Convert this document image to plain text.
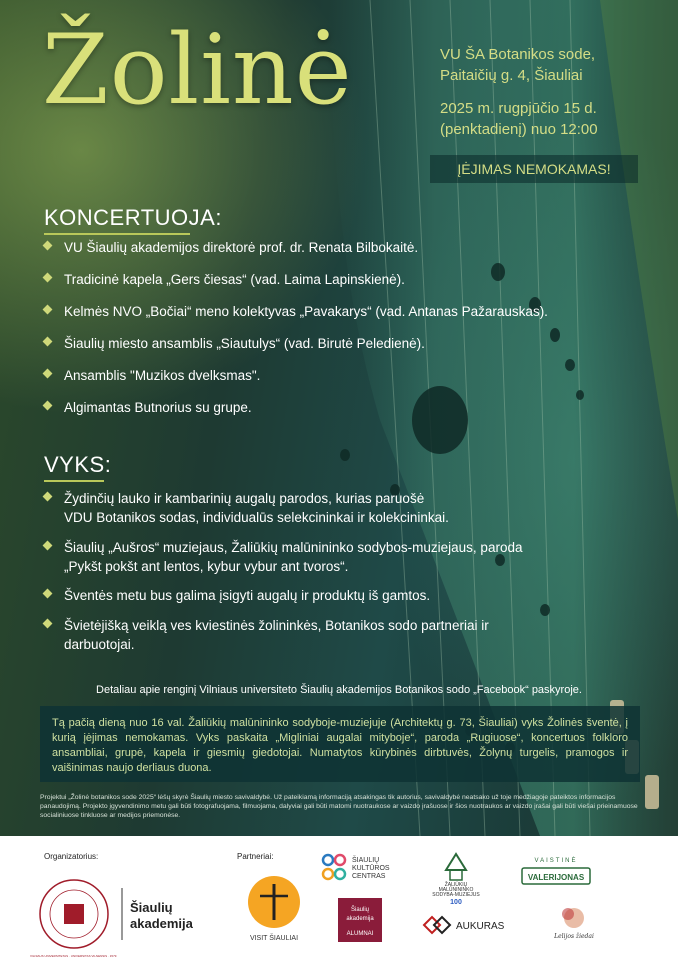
Žolinė	VU ŠA Botanikos sode,
Paitaičių g. 4, Šiauliai
2025 m. rugpjūčio 15 d.
(penktadienį) nuo 12:00
ĮĖJIMAS NEMOKAMAS!
KONCERTUOJA:
VU Šiaulių akademijos direktorė prof. dr. Renata Bilbokaitė.
Tradicinė kapela „Gers čiesas“ (vad. Laima Lapinskienė).
Kelmės NVO „Bočiai“ meno kolektyvas „Pavakarys“ (vad. Antanas Pažarauskas).
Šiaulių miesto ansamblis „Siautulys“ (vad. Birutė Peledienė).
Ansamblis "Muzikos dvelksmas".
Algimantas Butnorius su grupe.
VYKS:
Žydinčių lauko ir kambarinių augalų parodos, kurias paruošė
VDU Botanikos sodas, individualūs selekcininkai ir kolekcininkai.
Šiaulių „Aušros“ muziejaus, Žaliūkių malūnininko sodybos-muziejaus, paroda
„Pykšt pokšt ant lentos, kybur vybur ant tvoros“.
Šventės metu bus galima įsigyti augalų ir produktų iš gamtos.
Švietėjišką veiklą ves kviestinės žolininkės, Botanikos sodo partneriai ir
darbuotojai.
Detaliau apie renginį Vilniaus universiteto Šiaulių akademijos Botanikos sodo „Facebook“ paskyroje.
Tą pačią dieną nuo 16 val. Žaliūkių malūnininko sodyboje-muziejuje (Architektų g. 73, Šiauliai) vyks Žolinės šventė, į kurią įėjimas nemokamas. Vyks paskaita „Migliniai augalai mityboje“, paroda „Rugiuose“, koncertuos folkloro ansambliai, grupė, kapela ir giesmių giedotojai. Numatytos kūrybinės dirbtuvės, Žolynų turgelis, pramogos ir vaišinimas naujo derliaus duona.
Projektui „Žolinė botanikos sode 2025“ lėšų skyrė Šiaulių miesto savivaldybė. Už pateikiamą informaciją atsakingas tik autorius, savivaldybė neatsako už toje medžiagoje pateiktos informacijos panaudojimą. Projekto įgyvendinimo metu gali būti fotografuojama, filmuojama, dalyviai gali būti matomi nuotraukose ar vaizdo įrašuose ir šios nuotraukos ar vaizdo įrašai gali būti viešai prieinamuose socialiniuose tinkluose ar medijos priemonėse.
Organizatorius:	Partneriai:
Šiaulių
akademija
VILNIAUS UNIVERSITETAS · UNIVERSITAS VILNENSIS · 1579
VISIT ŠIAULIAI
ŠIAULIŲ
KULTŪROS
CENTRAS
Šiaulių
akademija
ALUMNAI
ŽALIŪKIŲ
MALŪNININKO
SODYBA-MUZIEJUS
100
AUKURAS
VAISTINĖ
VALERIJONAS
Lelijos žiedai
